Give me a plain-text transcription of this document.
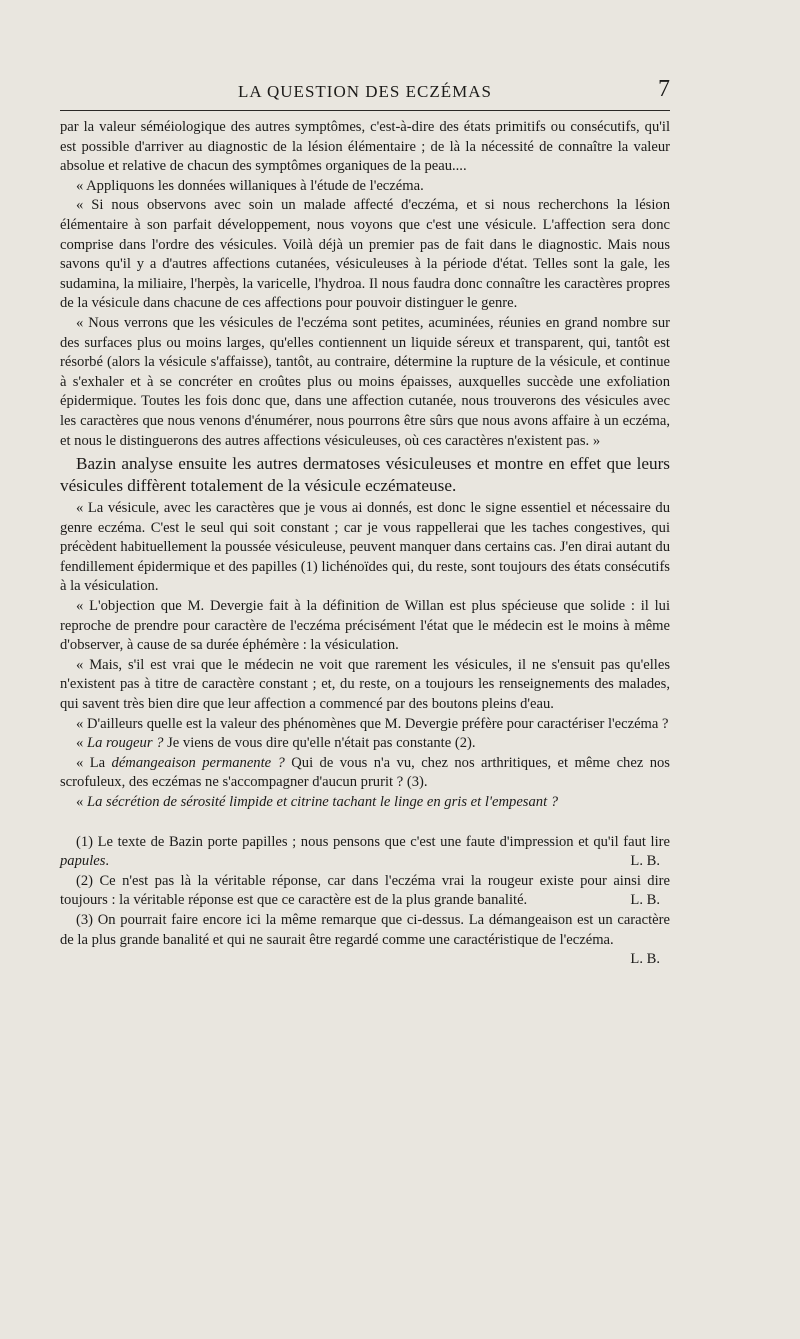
LA QUESTION DES ECZÉMAS	7

par la valeur séméiologique des autres symptômes, c'est-à-dire des états primitifs ou consécutifs, qu'il est possible d'arriver au diagnostic de la lésion élémentaire ; de là la nécessité de connaître la valeur absolue et relative de chacun des symptômes organiques de la peau....

« Appliquons les données willaniques à l'étude de l'eczéma.

« Si nous observons avec soin un malade affecté d'eczéma, et si nous recherchons la lésion élémentaire à son parfait développement, nous voyons que c'est une vésicule. L'affection sera donc comprise dans l'ordre des vésicules. Voilà déjà un premier pas de fait dans le diagnostic. Mais nous savons qu'il y a d'autres affections cutanées, vésiculeuses à la période d'état. Telles sont la gale, les sudamina, la miliaire, l'herpès, la varicelle, l'hydroa. Il nous faudra donc connaître les caractères propres de la vésicule dans chacune de ces affections pour pouvoir distinguer le genre.

« Nous verrons que les vésicules de l'eczéma sont petites, acuminées, réunies en grand nombre sur des surfaces plus ou moins larges, qu'elles contiennent un liquide séreux et transparent, qui, tantôt est résorbé (alors la vésicule s'affaisse), tantôt, au contraire, détermine la rupture de la vésicule, et continue à s'exhaler et à se concréter en croûtes plus ou moins épaisses, auxquelles succède une exfoliation épidermique. Toutes les fois donc que, dans une affection cutanée, nous trouverons des vésicules avec les caractères que nous venons d'énumérer, nous pourrons être sûrs que nous avons affaire à un eczéma, et nous le distinguerons des autres affections vésiculeuses, où ces caractères n'existent pas. »

Bazin analyse ensuite les autres dermatoses vésiculeuses et montre en effet que leurs vésicules diffèrent totalement de la vésicule eczémateuse.

« La vésicule, avec les caractères que je vous ai donnés, est donc le signe essentiel et nécessaire du genre eczéma. C'est le seul qui soit constant ; car je vous rappellerai que les taches congestives, qui précèdent habituellement la poussée vésiculeuse, peuvent manquer dans certains cas. J'en dirai autant du fendillement épidermique et des papilles (1) lichénoïdes qui, du reste, sont toujours des états consécutifs à la vésiculation.

« L'objection que M. Devergie fait à la définition de Willan est plus spécieuse que solide : il lui reproche de prendre pour caractère de l'eczéma précisément l'état que le médecin est le moins à même d'observer, à cause de sa durée éphémère : la vésiculation.

« Mais, s'il est vrai que le médecin ne voit que rarement les vésicules, il ne s'ensuit pas qu'elles n'existent pas à titre de caractère constant ; et, du reste, on a toujours les renseignements des malades, qui savent très bien dire que leur affection a commencé par des boutons pleins d'eau.

« D'ailleurs quelle est la valeur des phénomènes que M. Devergie préfère pour caractériser l'eczéma ?

« La rougeur ? Je viens de vous dire qu'elle n'était pas constante (2).

« La démangeaison permanente ? Qui de vous n'a vu, chez nos arthritiques, et même chez nos scrofuleux, des eczémas ne s'accompagner d'aucun prurit ? (3).

« La sécrétion de sérosité limpide et citrine tachant le linge en gris et l'empesant ?

(1) Le texte de Bazin porte papilles ; nous pensons que c'est une faute d'impression et qu'il faut lire papules.	L. B.

(2) Ce n'est pas là la véritable réponse, car dans l'eczéma vrai la rougeur existe pour ainsi dire toujours : la véritable réponse est que ce caractère est de la plus grande banalité.	L. B.

(3) On pourrait faire encore ici la même remarque que ci-dessus. La démangeaison est un caractère de la plus grande banalité et qui ne saurait être regardé comme une caractéristique de l'eczéma.
L. B.
